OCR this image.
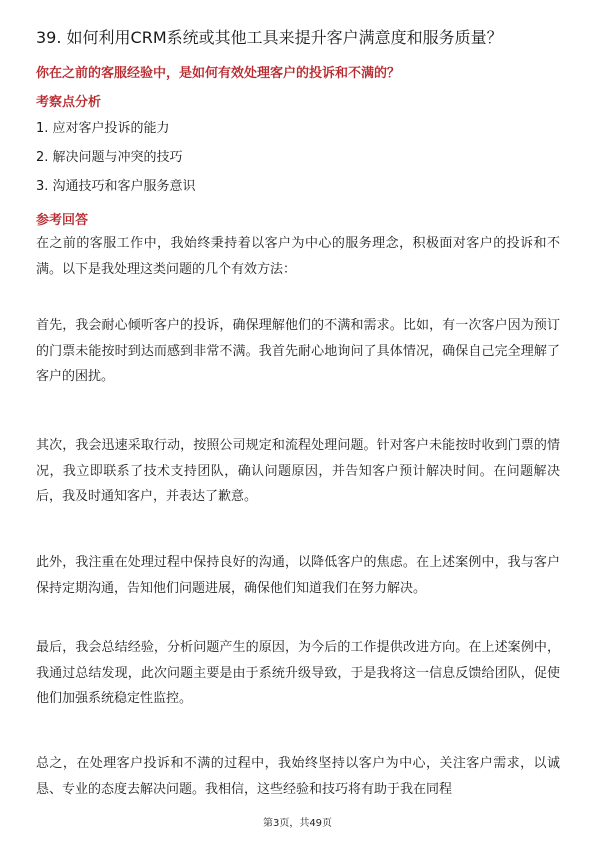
39. 如何利用CRM系统或其他工具来提升客户满意度和服务质量？
你在之前的客服经验中，是如何有效处理客户的投诉和不满的？
考察点分析
1. 应对客户投诉的能力
2. 解决问题与冲突的技巧
3. 沟通技巧和客户服务意识
参考回答
在之前的客服工作中，我始终秉持着以客户为中心的服务理念，积极面对客户的投诉和不满。以下是我处理这类问题的几个有效方法：
首先，我会耐心倾听客户的投诉，确保理解他们的不满和需求。比如，有一次客户因为预订的门票未能按时到达而感到非常不满。我首先耐心地询问了具体情况，确保自己完全理解了客户的困扰。
其次，我会迅速采取行动，按照公司规定和流程处理问题。针对客户未能按时收到门票的情况，我立即联系了技术支持团队，确认问题原因，并告知客户预计解决时间。在问题解决后，我及时通知客户，并表达了歉意。
此外，我注重在处理过程中保持良好的沟通，以降低客户的焦虑。在上述案例中，我与客户保持定期沟通，告知他们问题进展，确保他们知道我们在努力解决。
最后，我会总结经验，分析问题产生的原因，为今后的工作提供改进方向。在上述案例中，我通过总结发现，此次问题主要是由于系统升级导致，于是我将这一信息反馈给团队，促使他们加强系统稳定性监控。
总之，在处理客户投诉和不满的过程中，我始终坚持以客户为中心，关注客户需求，以诚恳、专业的态度去解决问题。我相信，这些经验和技巧将有助于我在同程
第3页，共49页
